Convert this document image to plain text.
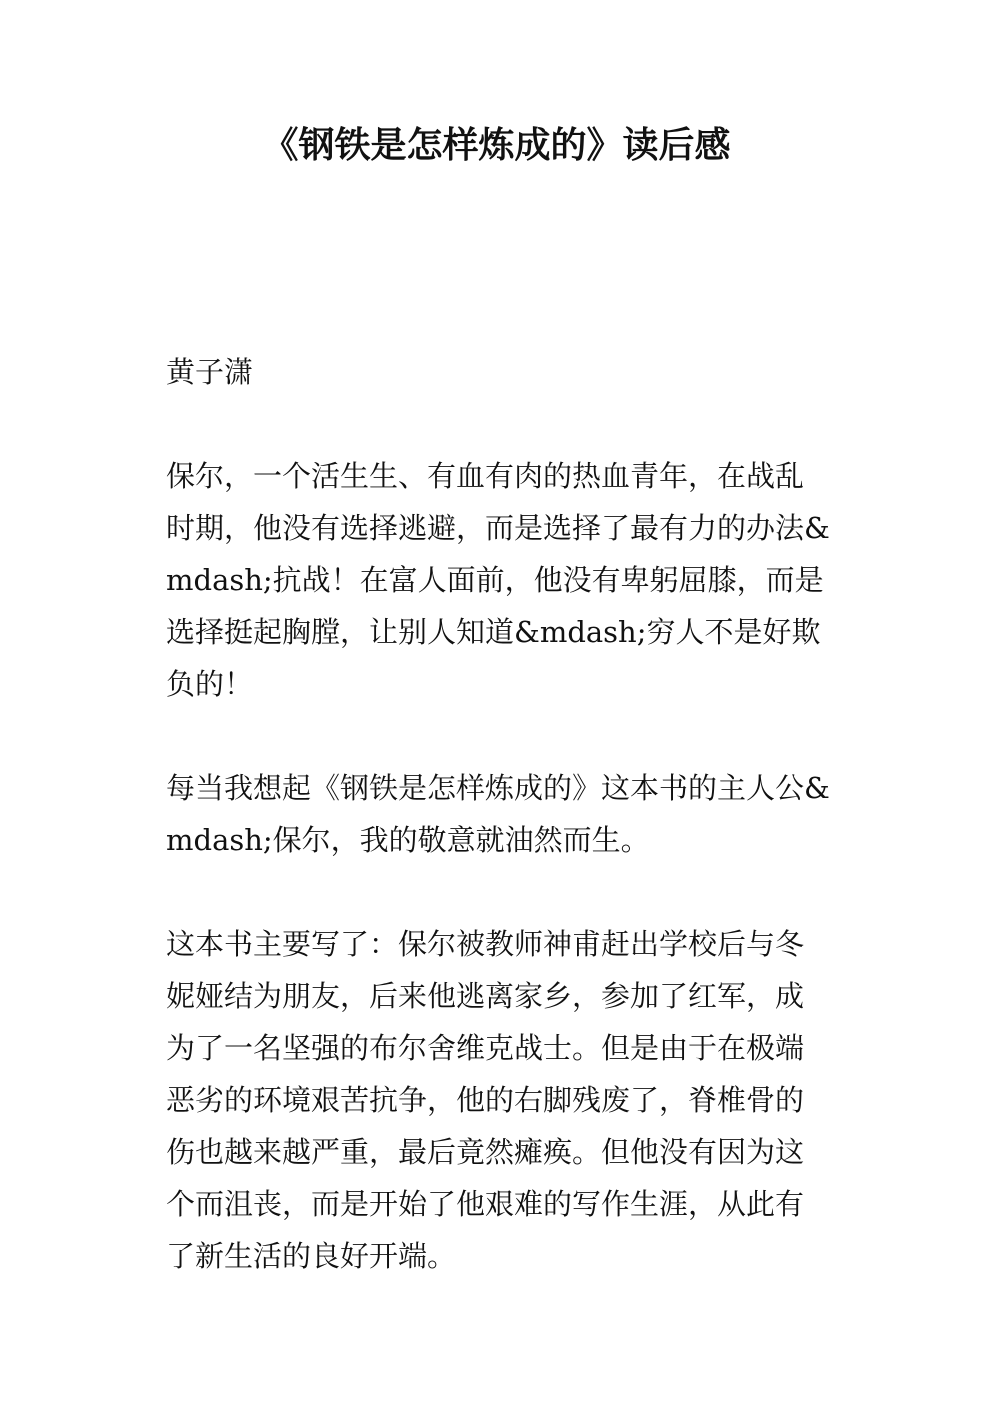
《钢铁是怎样炼成的》读后感

黄子潇

保尔，一个活生生、有血有肉的热血青年，在战乱时期，他没有选择逃避，而是选择了最有力的办法&mdash;抗战！在富人面前，他没有卑躬屈膝，而是选择挺起胸膛，让别人知道&mdash;穷人不是好欺负的！

每当我想起《钢铁是怎样炼成的》这本书的主人公&mdash;保尔，我的敬意就油然而生。

这本书主要写了：保尔被教师神甫赶出学校后与冬妮娅结为朋友，后来他逃离家乡，参加了红军，成为了一名坚强的布尔舍维克战士。但是由于在极端恶劣的环境艰苦抗争，他的右脚残废了，脊椎骨的伤也越来越严重，最后竟然瘫痪。但他没有因为这个而沮丧，而是开始了他艰难的写作生涯，从此有了新生活的良好开端。
